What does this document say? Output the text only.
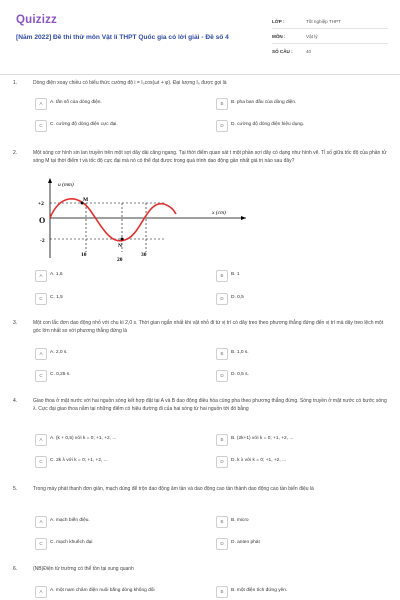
Quizizz
[Năm 2022] Đề thi thử môn Vật lí THPT Quốc gia có lời giải - Đề số 4
LỚP :	Tốt nghiệp THPT
MÔN :	Vật lý
SỐ CÂU :	40
1.	Dòng điện xoay chiều có biểu thức cường độ i = I₀cos(ωt + φ). Đại lượng I₀ được gọi là
A	A. tần số của dòng điện.	B	B. pha ban đầu của dòng điện.
C	C. cường độ dòng điện cực đại.	D	D. cường độ dòng điện hiệu dụng.
2.	Một sóng cơ hình sin lan truyền trên một sợi dây dài căng ngang. Tại thời điểm quan sát t một phần sợi dây có dạng như hình vẽ. Tỉ số giữa tốc độ của phần tử sóng M tại thời điểm t và tốc độ cực đại mà nó có thể đạt được trong quá trình dao động gần nhất giá trị nào sau đây?
A	A. 1,6	B	B. 1
C	C. 1,5	D	D. 0,5
u (mm)
x (cm)
+2
-2
O
10
20
30
M
N
3.	Một con lắc đơn dao động nhỏ với chu kì 2,0 s. Thời gian ngắn nhất khi vật nhỏ đi từ vị trí có dây treo theo phương thẳng đứng đến vị trí mà dây treo lệch một góc lớn nhất so với phương thẳng đứng là
A	A. 2,0 s.	B	B. 1,0 s.
C	C. 0,25 s.	D	D. 0,5 s.
4.	Giao thoa ở mặt nước với hai nguồn sóng kết hợp đặt tại A và B dao động điều hòa cùng pha theo phương thẳng đứng. Sóng truyền ở mặt nước có bước sóng λ. Cực đại giao thoa nằm tại những điểm có hiệu đường đi của hai sóng từ hai nguồn tới đó bằng
A	A. (k + 0,5) với k = 0; +1, +2, ...	B	B. (2k+1) với k = 0; +1, +2, ...
C	C. 2k λ với k = 0; +1, +2, ...	D	D. k λ với k = 0; +1, +2, ...
5.	Trong máy phát thanh đơn giản, mạch dùng để trộn dao động âm tần và dao động cao tần thành dao động cao tần biến điệu là
A	A. mạch biến điệu.	B	B. micro
C	C. mạch khuếch đại	D	D. anten phát
6.	(NB)Điện từ trường có thể tồn tại xung quanh
A	A. một nam châm điện nuôi bằng dòng không đổi	B	B. một điện tích đứng yên.
